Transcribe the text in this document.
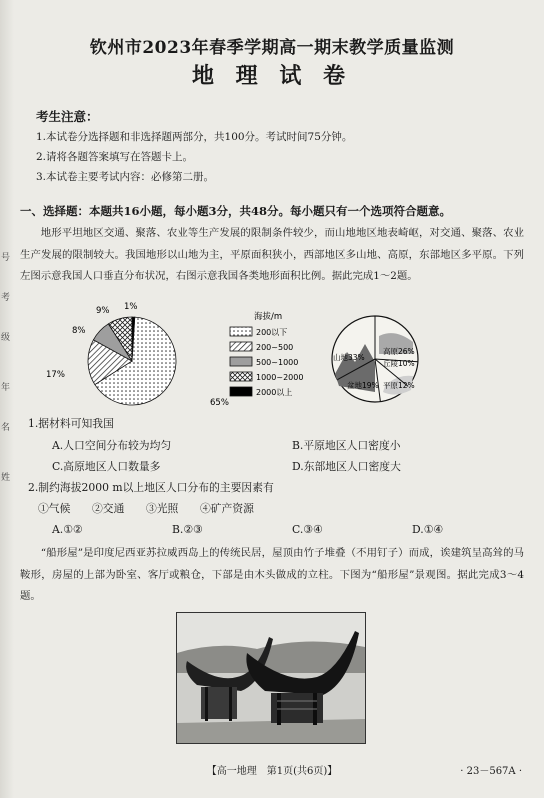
号
考
级
年
名
姓
钦州市2023年春季学期高一期末教学质量监测
地 理 试 卷
考生注意：
1.本试卷分选择题和非选择题两部分，共100分。考试时间75分钟。
2.请将各题答案填写在答题卡上。
3.本试卷主要考试内容：必修第二册。
一、选择题：本题共16小题，每小题3分，共48分。每小题只有一个选项符合题意。
地形平坦地区交通、聚落、农业等生产发展的限制条件较少，而山地地区地表崎岖，对交通、聚落、农业生产发展的限制较大。我国地形以山地为主，平原面积狭小，西部地区多山地、高原，东部地区多平原。下列左图示意我国人口垂直分布状况，右图示意我国各类地形面积比例。据此完成1～2题。
65%
17%
8%
9% 1%
海拔/m
200以下
200~500
500~1000
1000~2000
2000以上
高原26%
丘陵10%
平原12%
盆地19%
山地33%
1.据材料可知我国
A.人口空间分布较为均匀	B.平原地区人口密度小
C.高原地区人口数量多	D.东部地区人口密度大
2.制约海拔2000 m以上地区人口分布的主要因素有
①气候　　②交通　　③光照　　④矿产资源
A.①②	B.②③	C.③④	D.①④
“船形屋”是印度尼西亚苏拉威西岛上的传统民居，屋顶由竹子堆叠（不用钉子）而成，诶建筑呈高耸的马鞍形，房屋的上部为卧室、客厅或粮仓，下部是由木头做成的立柱。下图为“船形屋”景观图。据此完成3～4题。
【高一地理　第1页(共6页)】	· 23－567A ·
